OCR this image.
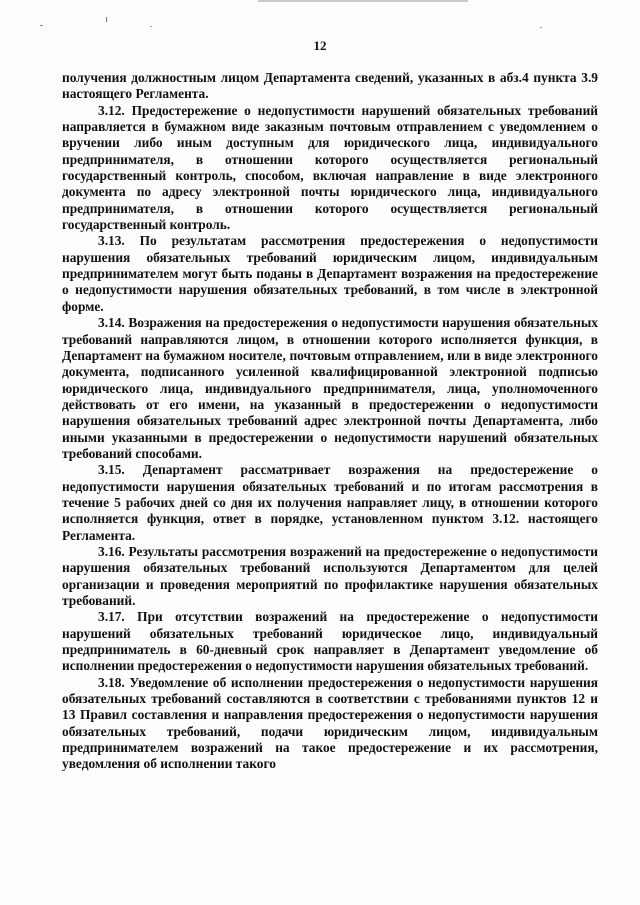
12

получения должностным лицом Департамента сведений, указанных в абз.4 пункта 3.9 настоящего Регламента.

3.12. Предостережение о недопустимости нарушений обязательных требований направляется в бумажном виде заказным почтовым отправлением с уведомлением о вручении либо иным доступным для юридического лица, индивидуального предпринимателя, в отношении которого осуществляется региональный государственный контроль, способом, включая направление в виде электронного документа по адресу электронной почты юридического лица, индивидуального предпринимателя, в отношении которого осуществляется региональный государственный контроль.

3.13. По результатам рассмотрения предостережения о недопустимости нарушения обязательных требований юридическим лицом, индивидуальным предпринимателем могут быть поданы в Департамент возражения на предостережение о недопустимости нарушения обязательных требований, в том числе в электронной форме.

3.14. Возражения на предостережения о недопустимости нарушения обязательных требований направляются лицом, в отношении которого исполняется функция, в Департамент на бумажном носителе, почтовым отправлением, или в виде электронного документа, подписанного усиленной квалифицированной электронной подписью юридического лица, индивидуального предпринимателя, лица, уполномоченного действовать от его имени, на указанный в предостережении о недопустимости нарушения обязательных требований адрес электронной почты Департамента, либо иными указанными в предостережении о недопустимости нарушений обязательных требований способами.

3.15. Департамент рассматривает возражения на предостережение о недопустимости нарушения обязательных требований и по итогам рассмотрения в течение 5 рабочих дней со дня их получения направляет лицу, в отношении которого исполняется функция, ответ в порядке, установленном пунктом 3.12. настоящего Регламента.

3.16. Результаты рассмотрения возражений на предостережение о недопустимости нарушения обязательных требований используются Департаментом для целей организации и проведения мероприятий по профилактике нарушения обязательных требований.

3.17. При отсутствии возражений на предостережение о недопустимости нарушений обязательных требований юридическое лицо, индивидуальный предприниматель в 60-дневный срок направляет в Департамент уведомление об исполнении предостережения о недопустимости нарушения обязательных требований.

3.18. Уведомление об исполнении предостережения о недопустимости нарушения обязательных требований составляются в соответствии с требованиями пунктов 12 и 13 Правил составления и направления предостережения о недопустимости нарушения обязательных требований, подачи юридическим лицом, индивидуальным предпринимателем возражений на такое предостережение и их рассмотрения, уведомления об исполнении такого
